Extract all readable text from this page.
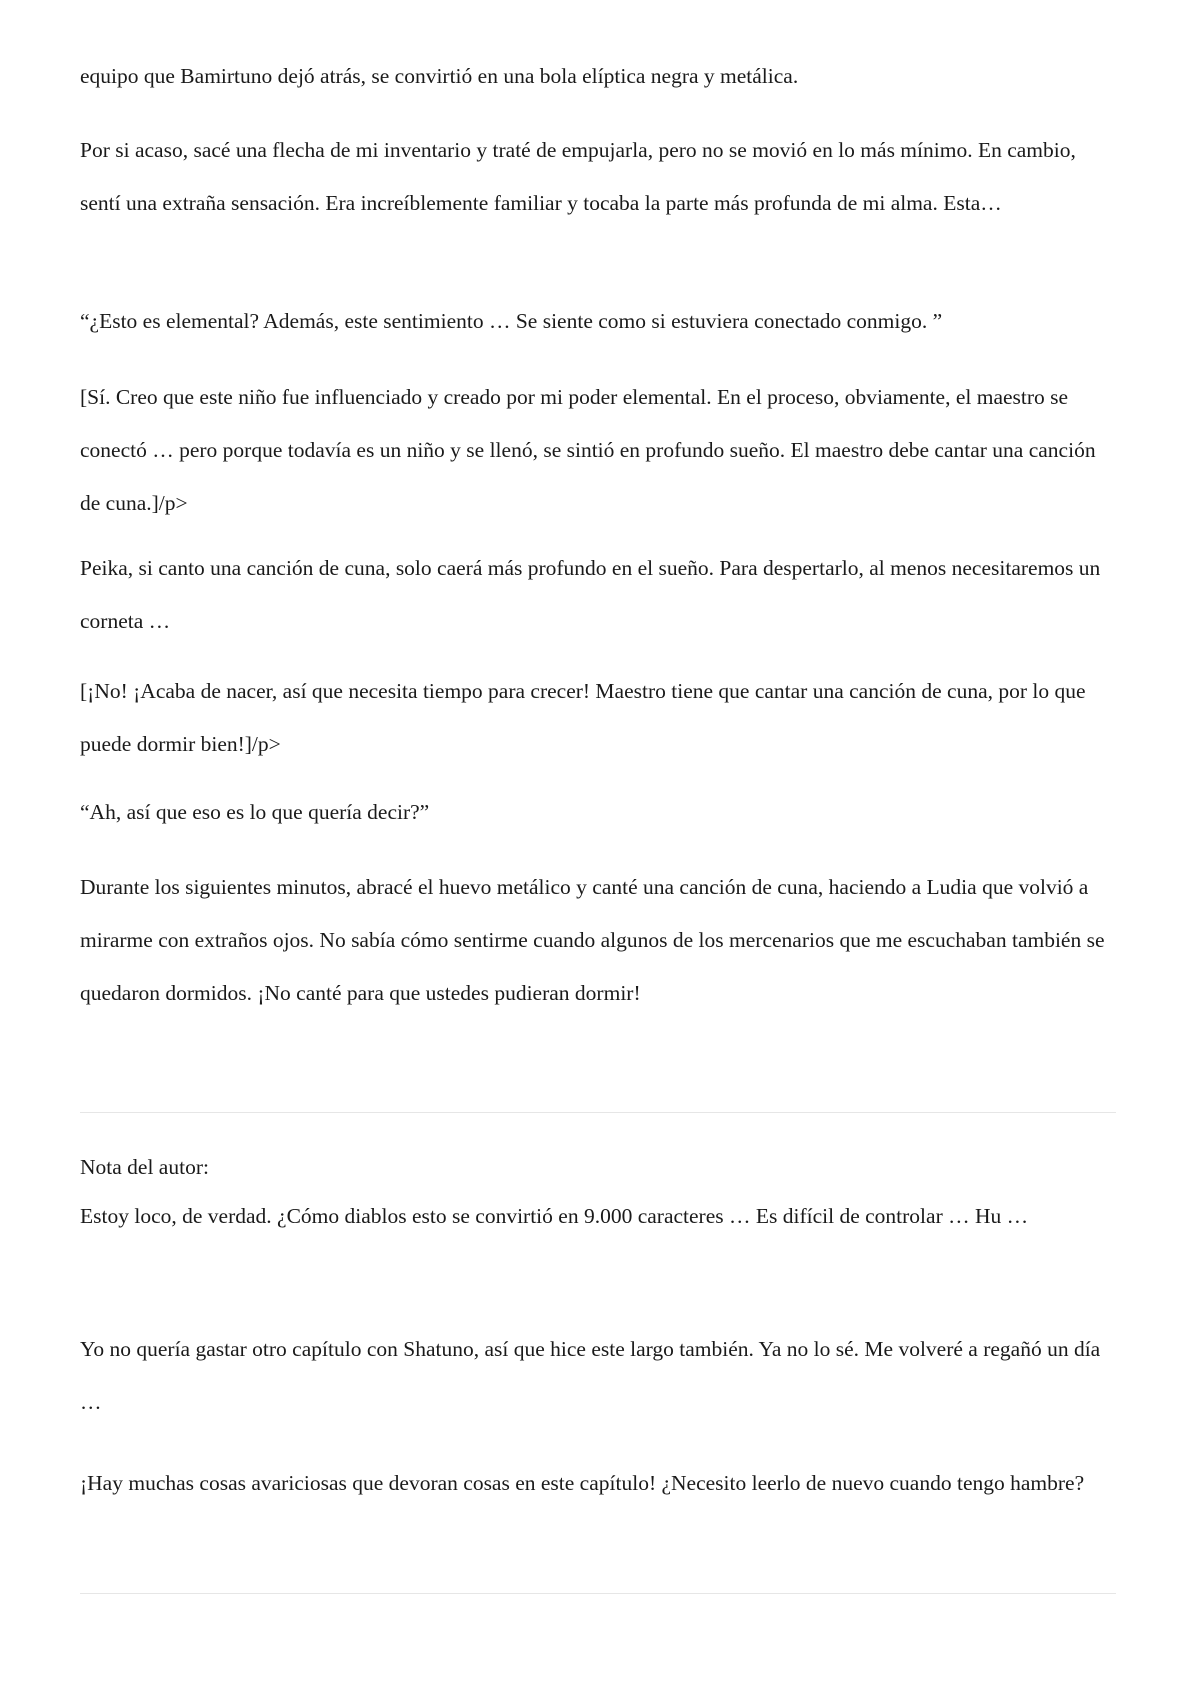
equipo que Bamirtuno dejó atrás, se convirtió en una bola elíptica negra y metálica.

Por si acaso, sacé una flecha de mi inventario y traté de empujarla, pero no se movió en lo más mínimo. En cambio, sentí una extraña sensación. Era increíblemente familiar y tocaba la parte más profunda de mi alma. Esta…

“¿Esto es elemental? Además, este sentimiento … Se siente como si estuviera conectado conmigo. ”

[Sí. Creo que este niño fue influenciado y creado por mi poder elemental. En el proceso, obviamente, el maestro se conectó … pero porque todavía es un niño y se llenó, se sintió en profundo sueño. El maestro debe cantar una canción de cuna.]/p>

Peika, si canto una canción de cuna, solo caerá más profundo en el sueño. Para despertarlo, al menos necesitaremos un corneta …

[¡No! ¡Acaba de nacer, así que necesita tiempo para crecer! Maestro tiene que cantar una canción de cuna, por lo que puede dormir bien!]/p>

“Ah, así que eso es lo que quería decir?”

Durante los siguientes minutos, abracé el huevo metálico y canté una canción de cuna, haciendo a Ludia que volvió a mirarme con extraños ojos. No sabía cómo sentirme cuando algunos de los mercenarios que me escuchaban también se quedaron dormidos. ¡No canté para que ustedes pudieran dormir!

Nota del autor:

Estoy loco, de verdad. ¿Cómo diablos esto se convirtió en 9.000 caracteres … Es difícil de controlar … Hu …

Yo no quería gastar otro capítulo con Shatuno, así que hice este largo también. Ya no lo sé. Me volveré a regañó un día …

¡Hay muchas cosas avariciosas que devoran cosas en este capítulo! ¿Necesito leerlo de nuevo cuando tengo hambre?
